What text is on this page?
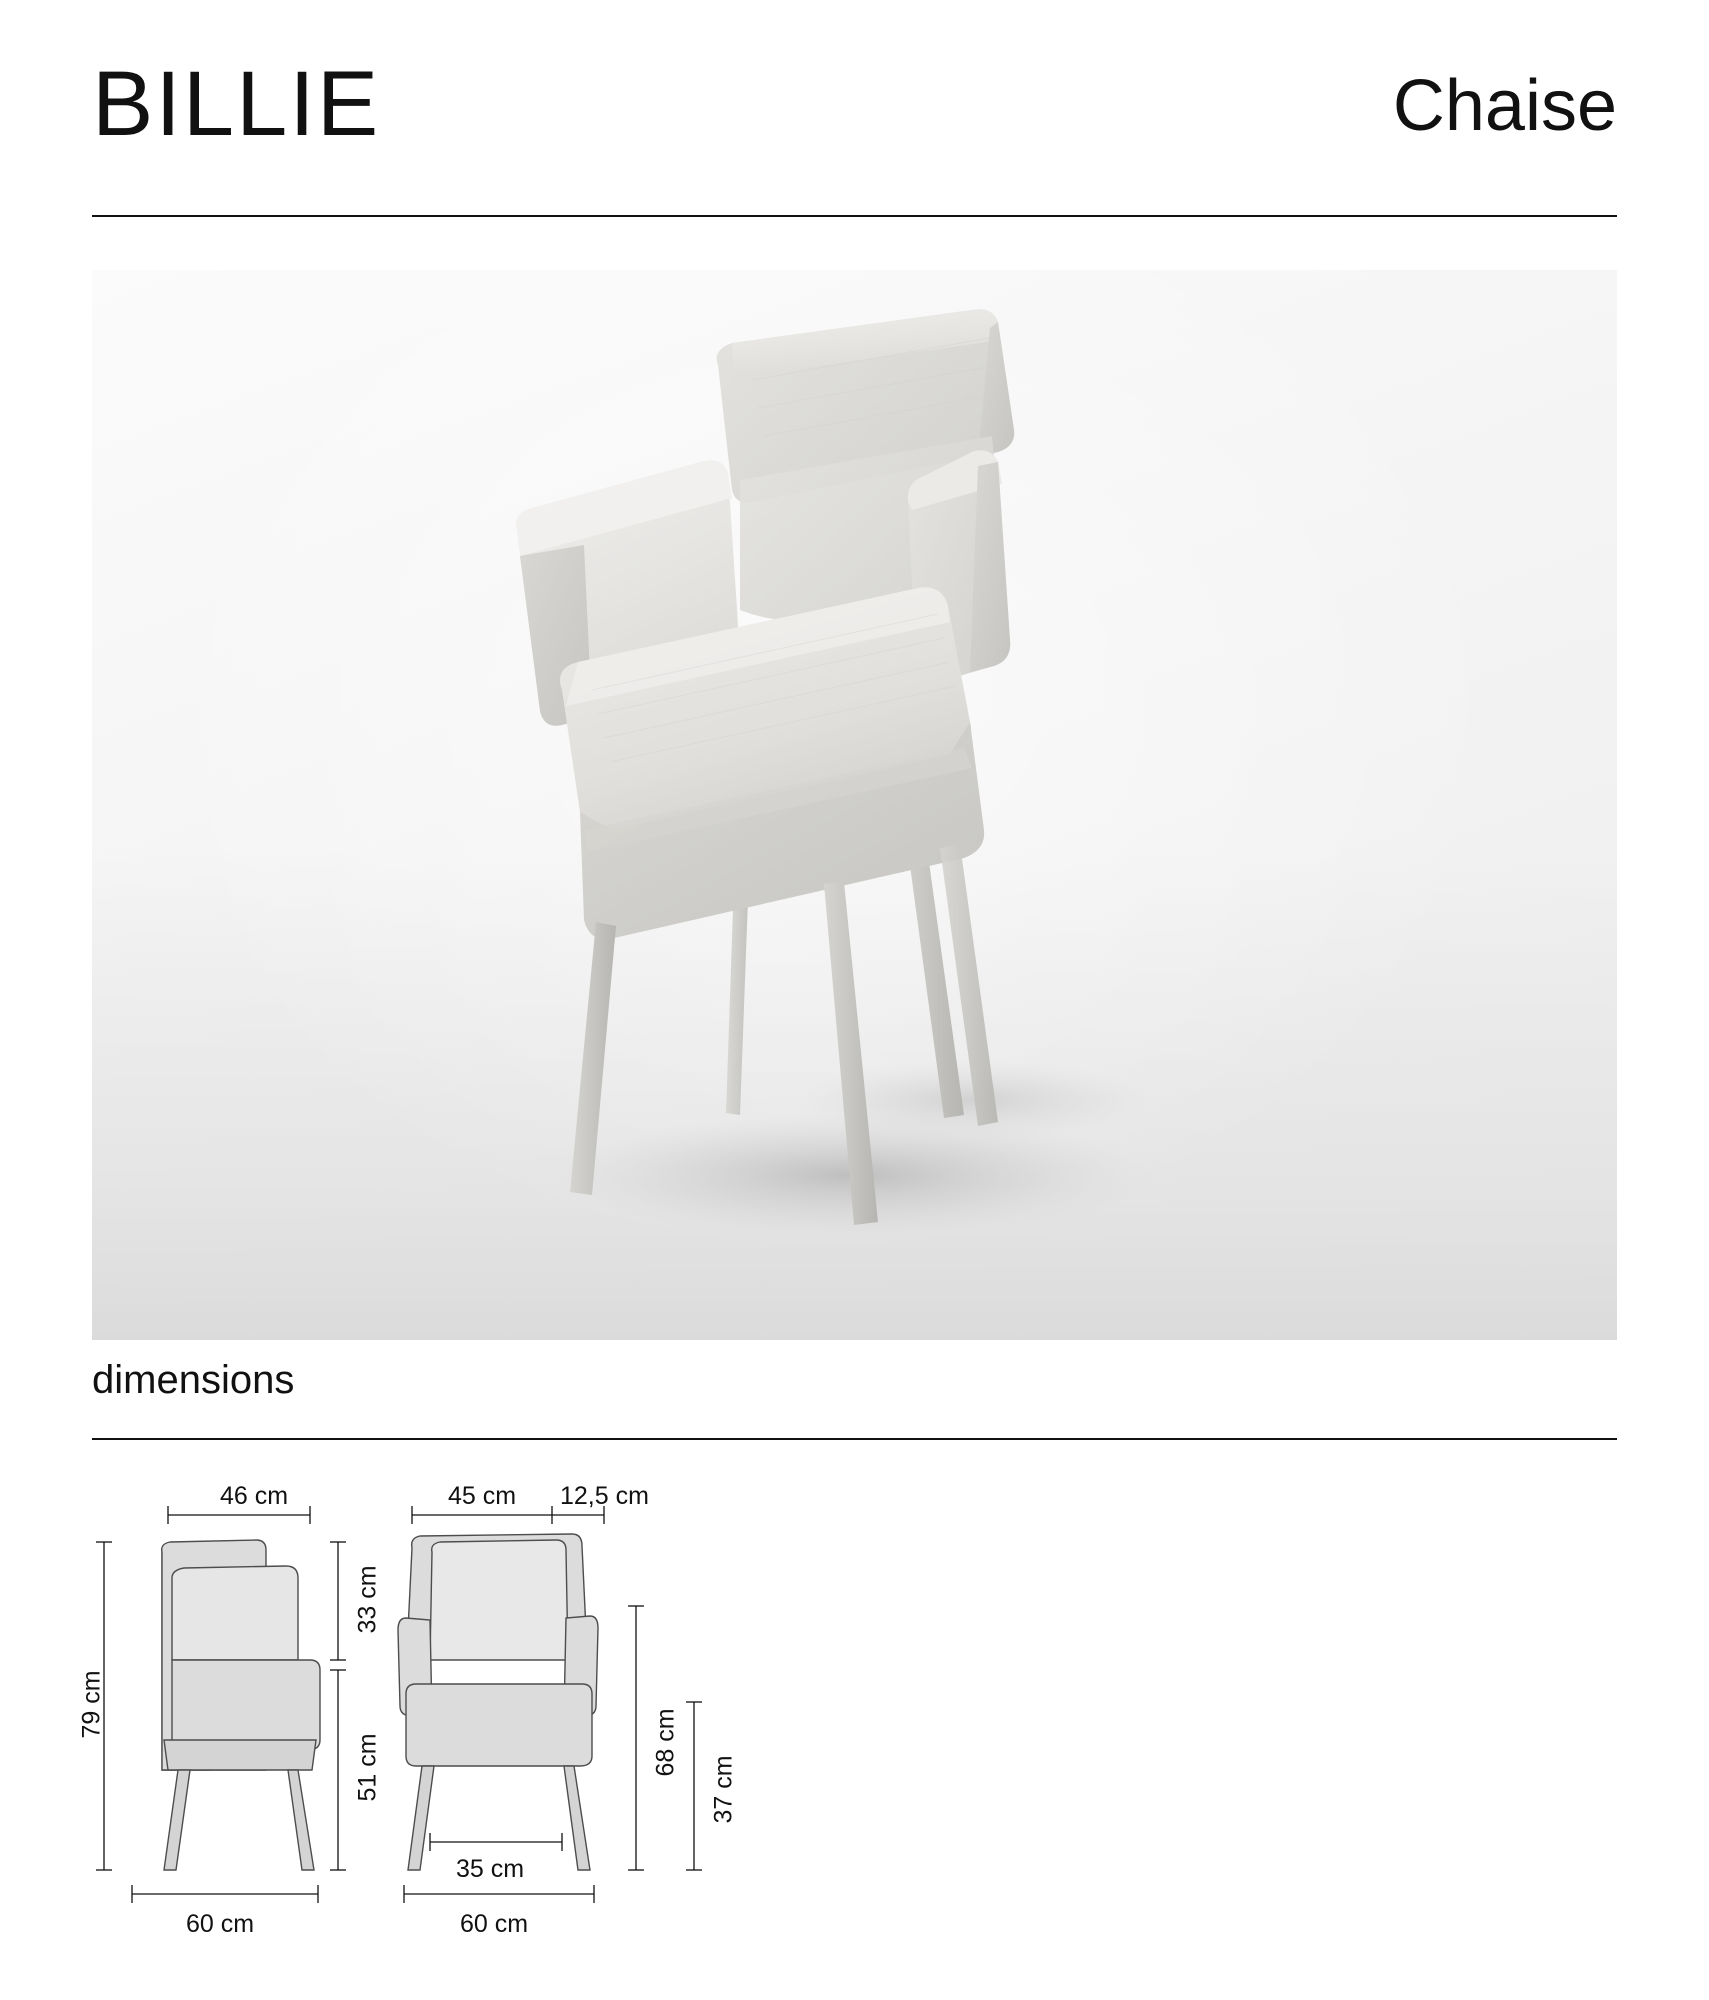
BILLIE	Chaise
dimensions
46 cm
79 cm
33 cm
51 cm
60 cm
45 cm 12,5 cm
35 cm
60 cm
68 cm
37 cm
